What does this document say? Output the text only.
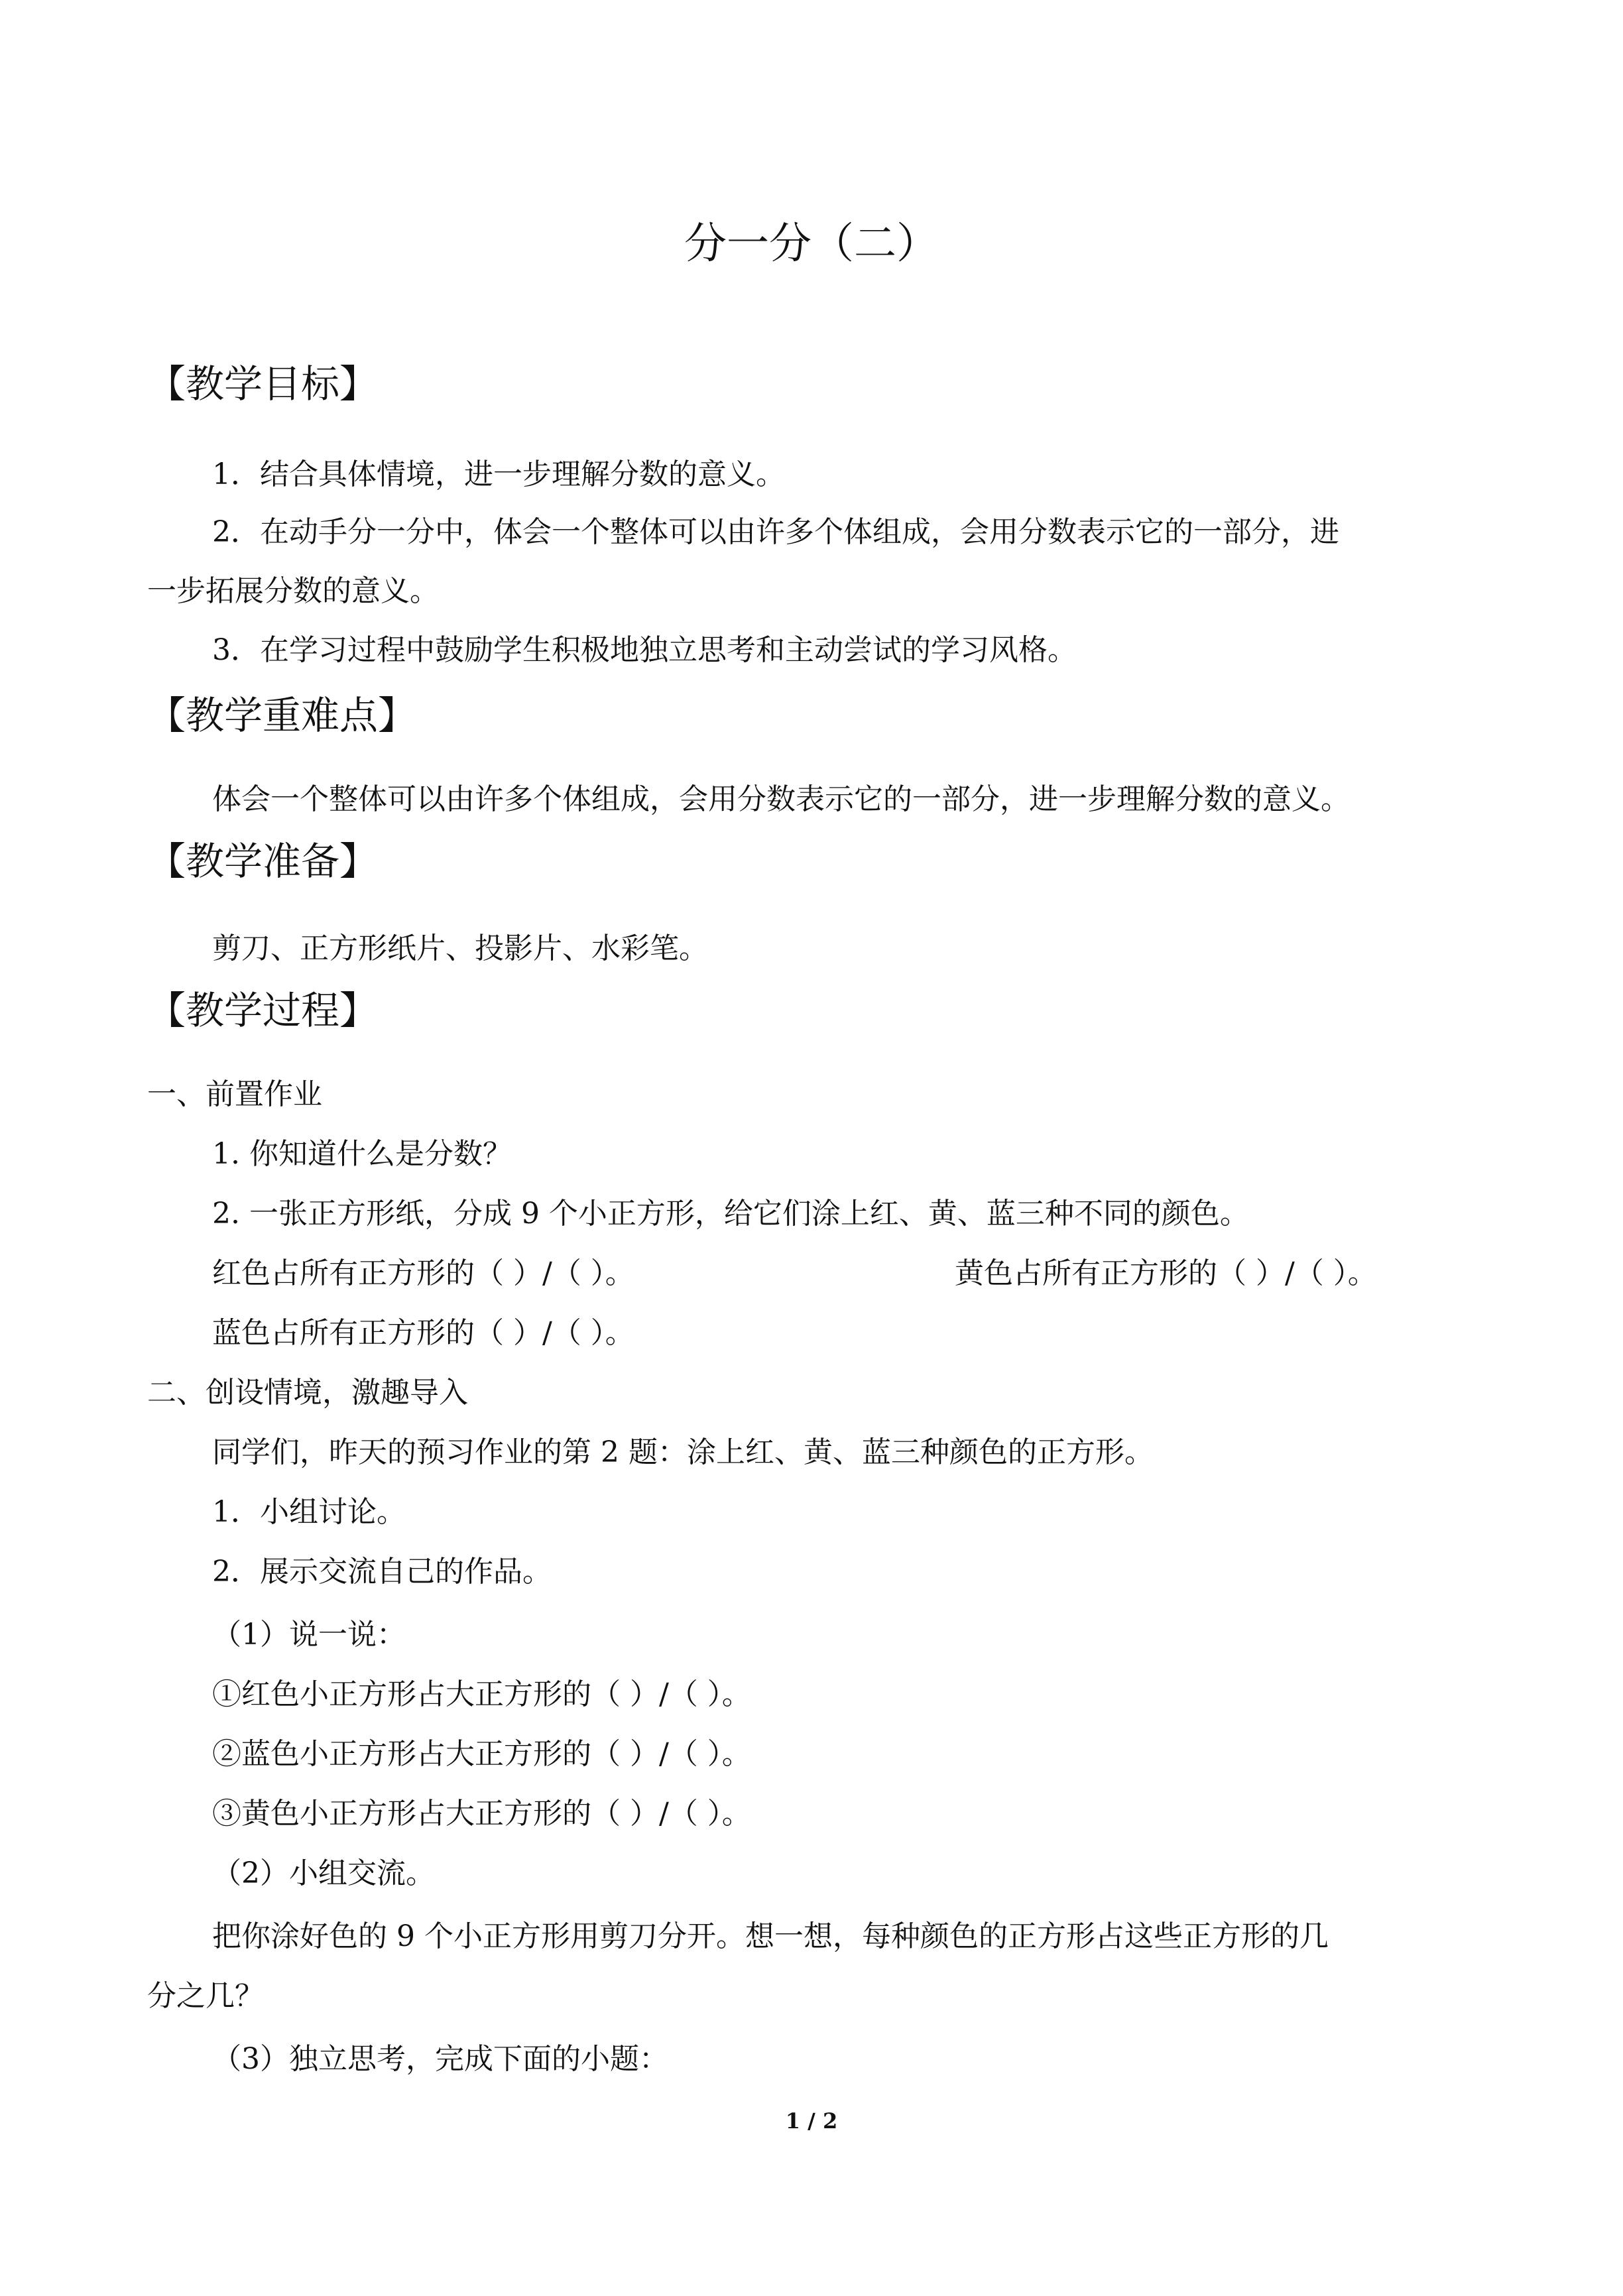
分一分（二）
【教学目标】
1．结合具体情境，进一步理解分数的意义。
2．在动手分一分中，体会一个整体可以由许多个体组成，会用分数表示它的一部分，进
一步拓展分数的意义。
3．在学习过程中鼓励学生积极地独立思考和主动尝试的学习风格。
【教学重难点】
体会一个整体可以由许多个体组成，会用分数表示它的一部分，进一步理解分数的意义。
【教学准备】
剪刀、正方形纸片、投影片、水彩笔。
【教学过程】
一、前置作业
1. 你知道什么是分数？
2. 一张正方形纸，分成 9 个小正方形，给它们涂上红、黄、蓝三种不同的颜色。
红色占所有正方形的（ ）/（ ）。	黄色占所有正方形的（ ）/（ ）。
蓝色占所有正方形的（ ）/（ ）。
二、创设情境，激趣导入
同学们，昨天的预习作业的第 2 题：涂上红、黄、蓝三种颜色的正方形。
1．小组讨论。
2．展示交流自己的作品。
（1）说一说：
①红色小正方形占大正方形的（ ）/（ ）。
②蓝色小正方形占大正方形的（ ）/（ ）。
③黄色小正方形占大正方形的（ ）/（ ）。
（2）小组交流。
把你涂好色的 9 个小正方形用剪刀分开。想一想，每种颜色的正方形占这些正方形的几
分之几？
（3）独立思考，完成下面的小题：
1 / 2
